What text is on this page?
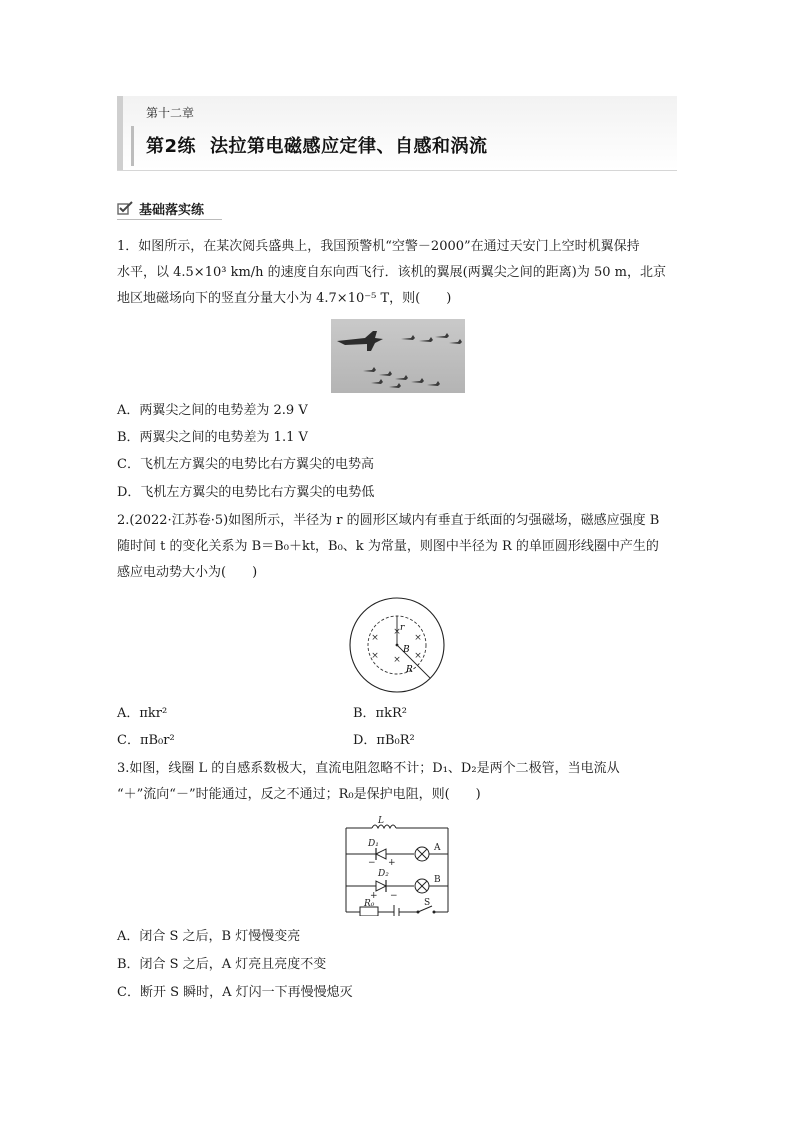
第十二章
第2练 法拉第电磁感应定律、自感和涡流
基础落实练
1．如图所示，在某次阅兵盛典上，我国预警机“空警－2000”在通过天安门上空时机翼保持
水平，以 4.5×10³ km/h 的速度自东向西飞行．该机的翼展(两翼尖之间的距离)为 50 m，北京
地区地磁场向下的竖直分量大小为 4.7×10⁻⁵ T，则(　　)
A．两翼尖之间的电势差为 2.9 V
B．两翼尖之间的电势差为 1.1 V
C．飞机左方翼尖的电势比右方翼尖的电势高
D．飞机左方翼尖的电势比右方翼尖的电势低
2.(2022·江苏卷·5)如图所示，半径为 r 的圆形区域内有垂直于纸面的匀强磁场，磁感应强度 B
随时间 t 的变化关系为 B＝B₀＋kt，B₀、k 为常量，则图中半径为 R 的单匝圆形线圈中产生的
感应电动势大小为(　　)
×
×
×
× × ×
r
B
R
A．πkr²	B．πkR²
C．πB₀r²	D．πB₀R²
3.如图，线圈 L 的自感系数极大，直流电阻忽略不计；D₁、D₂是两个二极管，当电流从
“＋”流向“－”时能通过，反之不通过；R₀是保护电阻，则(　　)
L
D₁
− +
A
D₂
+ −
B
R₀	S
A．闭合 S 之后，B 灯慢慢变亮
B．闭合 S 之后，A 灯亮且亮度不变
C．断开 S 瞬时，A 灯闪一下再慢慢熄灭
